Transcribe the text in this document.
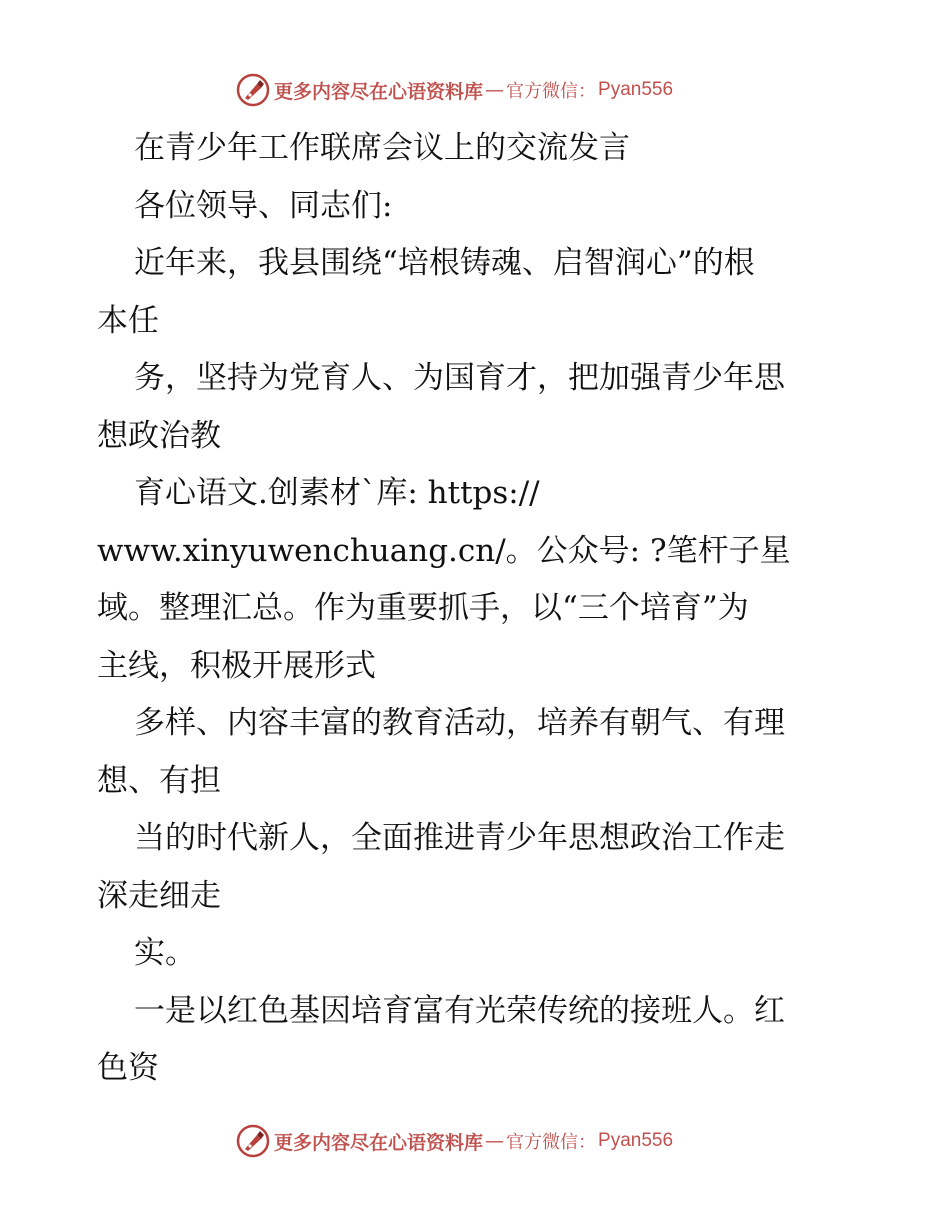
更多内容尽在心语资料库 — 官方微信： Pyan556
在青少年工作联席会议上的交流发言
各位领导、同志们:
近年来，我县围绕“培根铸魂、启智润心”的根
本任
务，坚持为党育人、为国育才，把加强青少年思
想政治教
育心语文.创素材`库: https://
www.xinyuwenchuang.cn/。公众号: ?笔杆子星
域。整理汇总。作为重要抓手，以“三个培育”为
主线，积极开展形式
多样、内容丰富的教育活动，培养有朝气、有理
想、有担
当的时代新人，全面推进青少年思想政治工作走
深走细走
实。
一是以红色基因培育富有光荣传统的接班人。红
色资
更多内容尽在心语资料库 — 官方微信： Pyan556
